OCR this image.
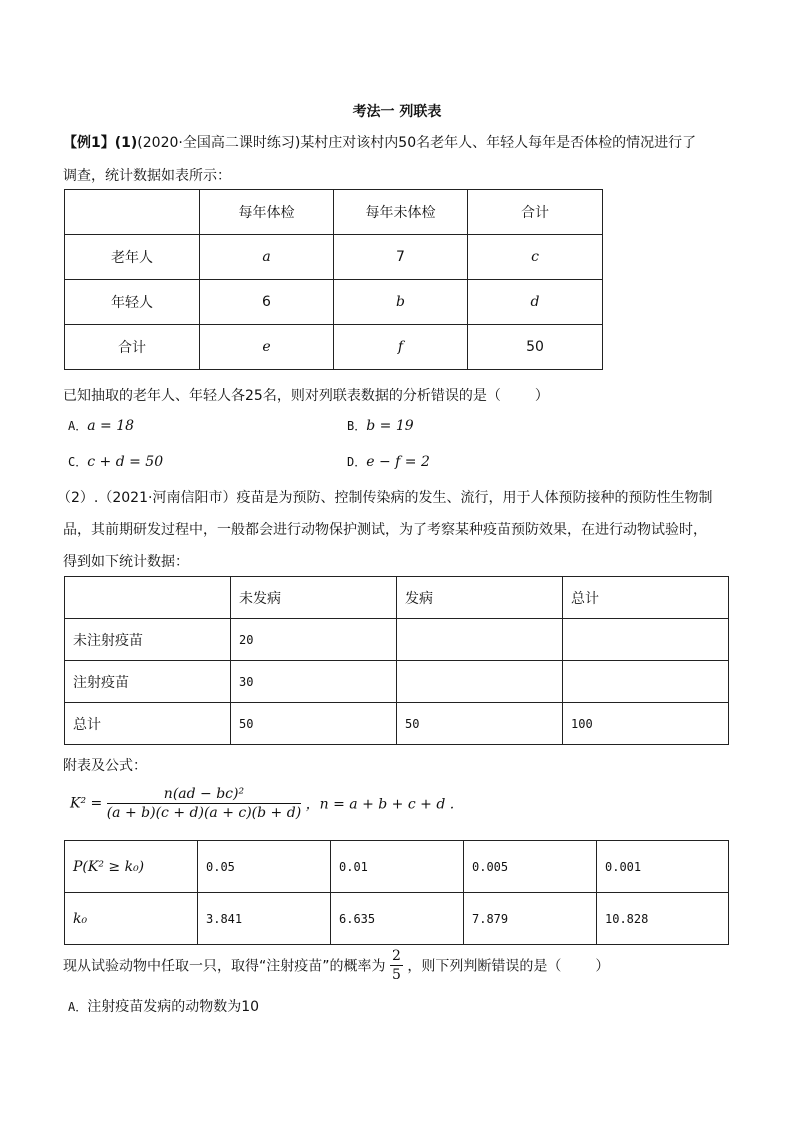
考法一 列联表
【例1】(1)(2020·全国高二课时练习)某村庄对该村内50名老年人、年轻人每年是否体检的情况进行了
调查，统计数据如表所示：
	每年体检	每年未体检	合计
老年人	a	7	c
年轻人	6	b	d
合计	e	f	50
已知抽取的老年人、年轻人各25名，则对列联表数据的分析错误的是（ ）
A．a = 18	B．b = 19
C．c + d = 50	D．e − f = 2
（2）.（2021·河南信阳市）疫苗是为预防、控制传染病的发生、流行，用于人体预防接种的预防性生物制
品，其前期研发过程中，一般都会进行动物保护测试，为了考察某种疫苗预防效果，在进行动物试验时，
得到如下统计数据：
	未发病	发病	总计
未注射疫苗	20		
注射疫苗	30		
总计	50	50	100
附表及公式：
$K^2 = \frac{\text{n(ad − bc)²}}{(a + b)(c + d)(a + c)(b + d)}$ ，n = a + b + c + d .
P(K² ≥ k₀)	0.05	0.01	0.005	0.001
k₀	3.841	6.635	7.879	10.828
现从试验动物中任取一只，取得“注射疫苗”的概率为 $\frac{2}{5}$ ，则下列判断错误的是（ ）
A．注射疫苗发病的动物数为10
